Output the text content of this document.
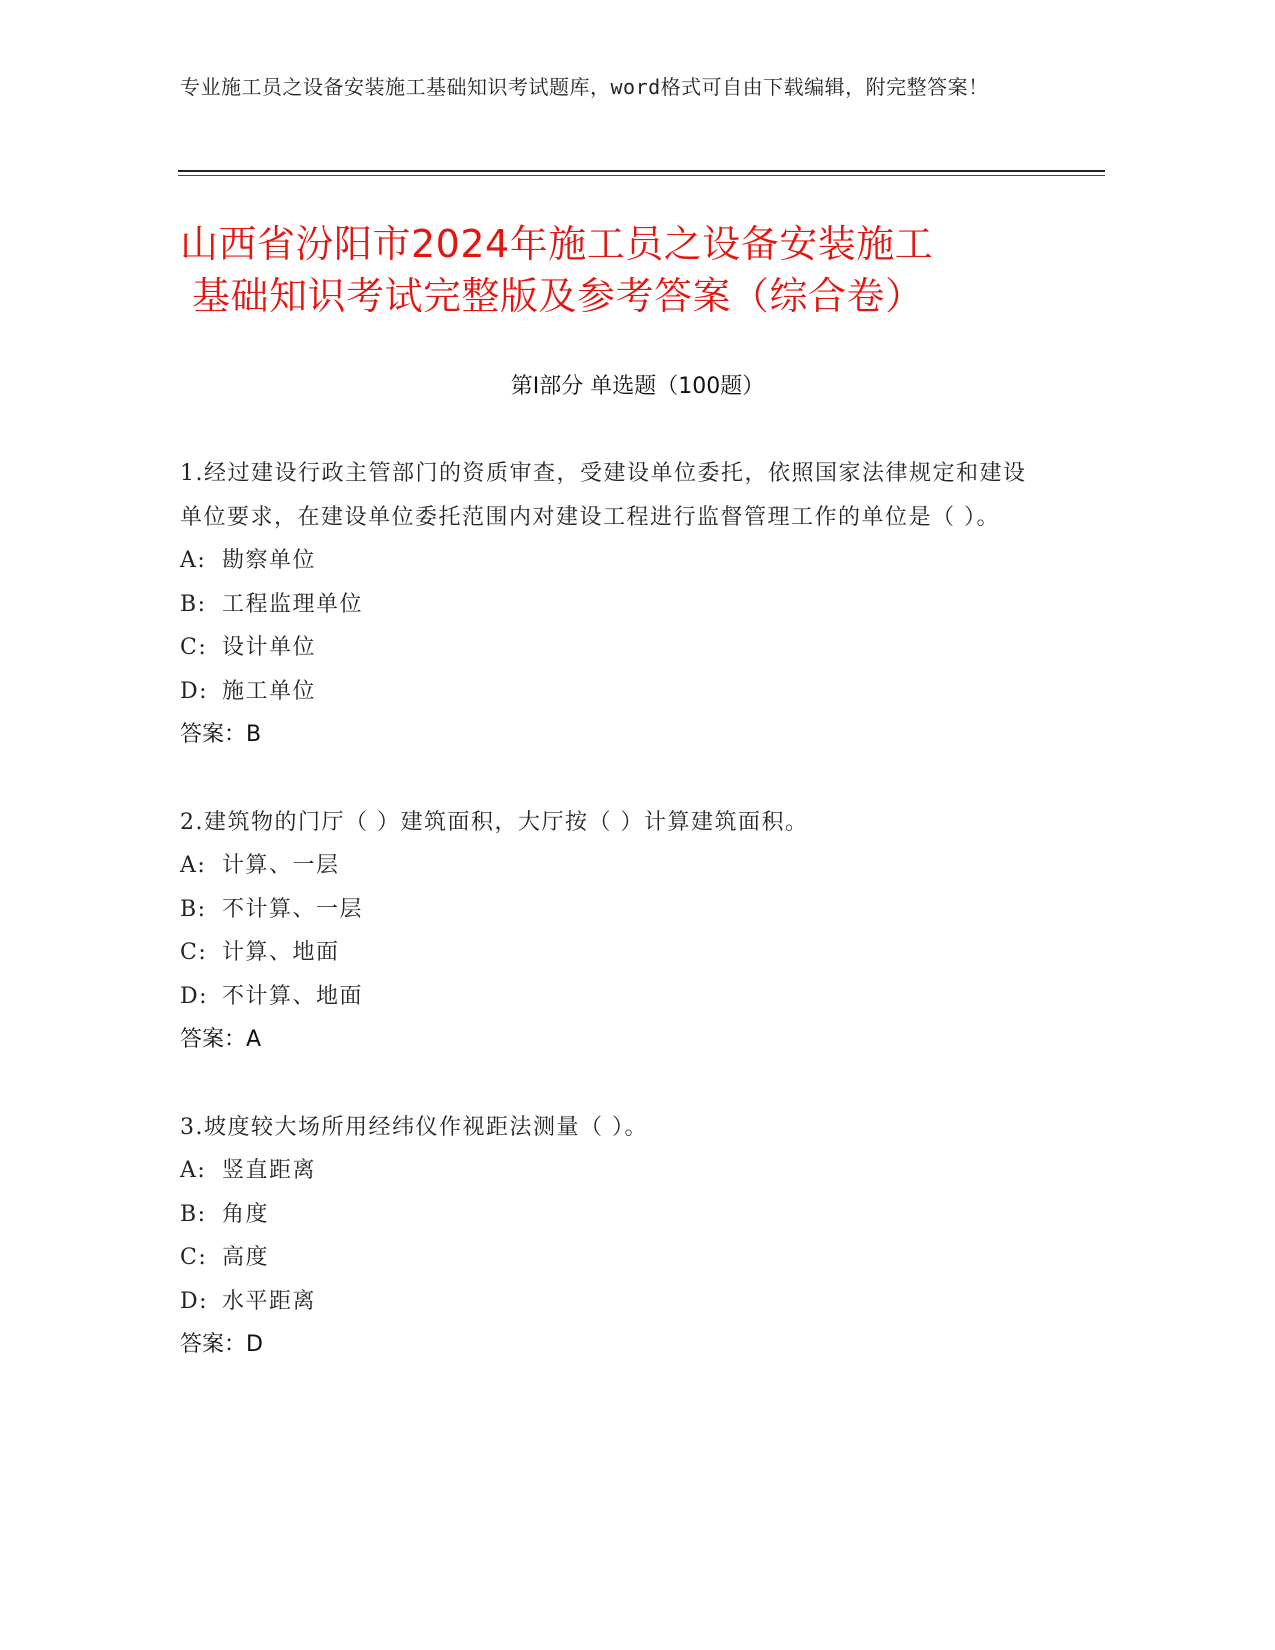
专业施工员之设备安装施工基础知识考试题库，word格式可自由下载编辑，附完整答案！
山西省汾阳市2024年施工员之设备安装施工
基础知识考试完整版及参考答案（综合卷）
第Ⅰ部分 单选题（100题）
1.经过建设行政主管部门的资质审查，受建设单位委托，依照国家法律规定和建设单位要求，在建设单位委托范围内对建设工程进行监督管理工作的单位是（ ）。
A: 勘察单位
B: 工程监理单位
C: 设计单位
D: 施工单位
答案：B
2.建筑物的门厅（ ）建筑面积，大厅按（ ）计算建筑面积。
A: 计算、一层
B: 不计算、一层
C: 计算、地面
D: 不计算、地面
答案：A
3.坡度较大场所用经纬仪作视距法测量（ ）。
A: 竖直距离
B: 角度
C: 高度
D: 水平距离
答案：D
